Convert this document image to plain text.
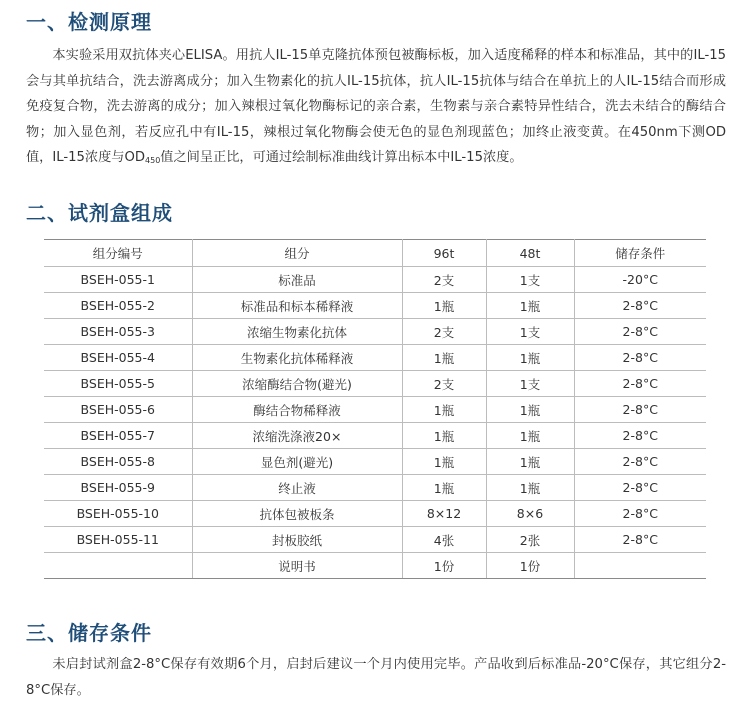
一、检测原理

本实验采用双抗体夹心ELISA。用抗人IL-15单克隆抗体预包被酶标板，加入适度稀释的样本和标准品，其中的IL-15会与其单抗结合，洗去游离成分；加入生物素化的抗人IL-15抗体，抗人IL-15抗体与结合在单抗上的人IL-15结合而形成免疫复合物，洗去游离的成分；加入辣根过氧化物酶标记的亲合素，生物素与亲合素特异性结合，洗去未结合的酶结合物；加入显色剂，若反应孔中有IL-15，辣根过氧化物酶会使无色的显色剂现蓝色；加终止液变黄。在450nm下测OD值，IL-15浓度与$OD_{450}$值之间呈正比，可通过绘制标准曲线计算出标本中IL-15浓度。

二、试剂盒组成
组分编号	组分	96t	48t	储存条件
BSEH-055-1	标准品	2支	1支	-20°C
BSEH-055-2	标准品和标本稀释液	1瓶	1瓶	2-8°C
BSEH-055-3	浓缩生物素化抗体	2支	1支	2-8°C
BSEH-055-4	生物素化抗体稀释液	1瓶	1瓶	2-8°C
BSEH-055-5	浓缩酶结合物(避光)	2支	1支	2-8°C
BSEH-055-6	酶结合物稀释液	1瓶	1瓶	2-8°C
BSEH-055-7	浓缩洗涤液20×	1瓶	1瓶	2-8°C
BSEH-055-8	显色剂(避光)	1瓶	1瓶	2-8°C
BSEH-055-9	终止液	1瓶	1瓶	2-8°C
BSEH-055-10	抗体包被板条	8×12	8×6	2-8°C
BSEH-055-11	封板胶纸	4张	2张	2-8°C
	说明书	1份	1份	
三、储存条件

未启封试剂盒2-8°C保存有效期6个月，启封后建议一个月内使用完毕。产品收到后标准品-20°C保存，其它组分2-8°C保存。
